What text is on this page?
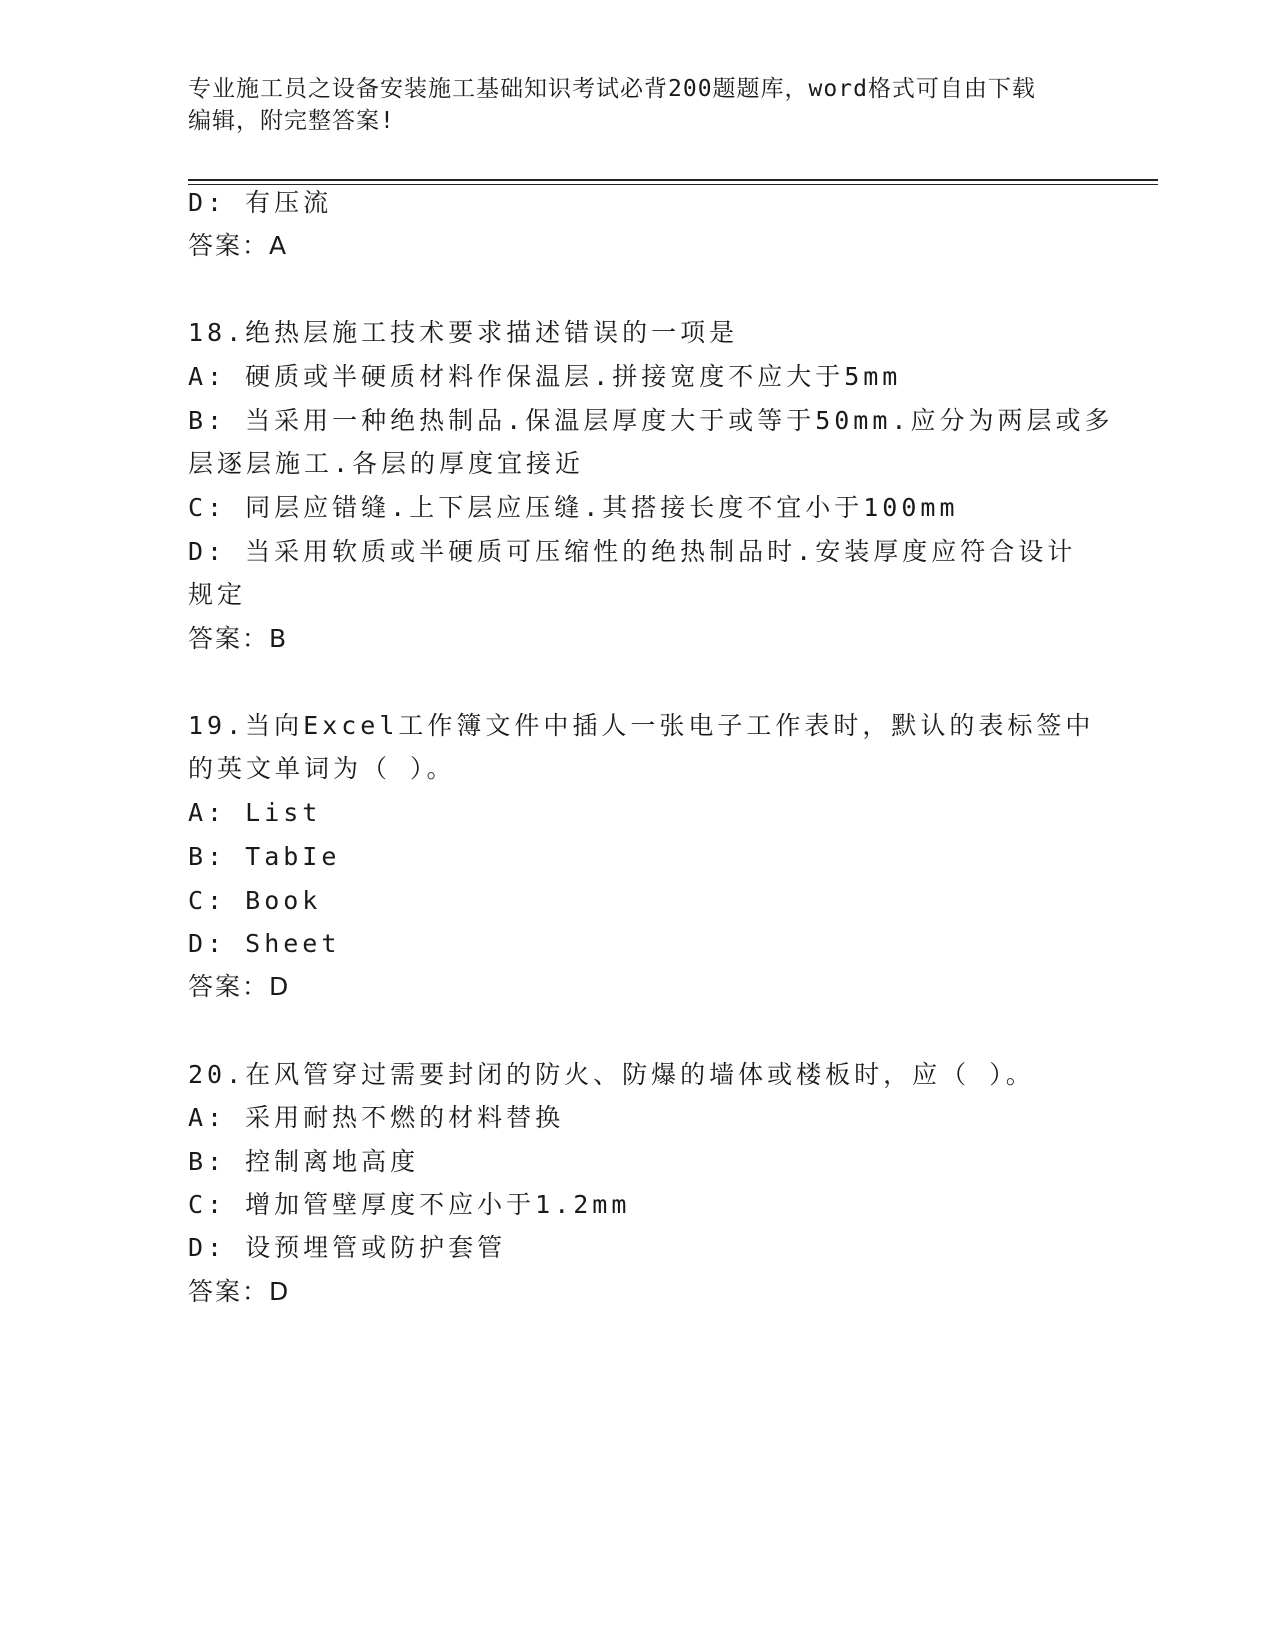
专业施工员之设备安装施工基础知识考试必背200题题库，word格式可自由下载
编辑，附完整答案!
D: 有压流
答案：A
18.绝热层施工技术要求描述错误的一项是
A: 硬质或半硬质材料作保温层.拼接宽度不应大于5mm
B: 当采用一种绝热制品.保温层厚度大于或等于50mm.应分为两层或多
层逐层施工.各层的厚度宜接近
C: 同层应错缝.上下层应压缝.其搭接长度不宜小于100mm
D: 当采用软质或半硬质可压缩性的绝热制品时.安装厚度应符合设计
规定
答案：B
19.当向Excel工作簿文件中插人一张电子工作表时，默认的表标签中
的英文单词为（ ）。
A: List
B: TabIe
C: Book
D: Sheet
答案：D
20.在风管穿过需要封闭的防火、防爆的墙体或楼板时，应（ ）。
A: 采用耐热不燃的材料替换
B: 控制离地高度
C: 增加管壁厚度不应小于1.2mm
D: 设预埋管或防护套管
答案：D
